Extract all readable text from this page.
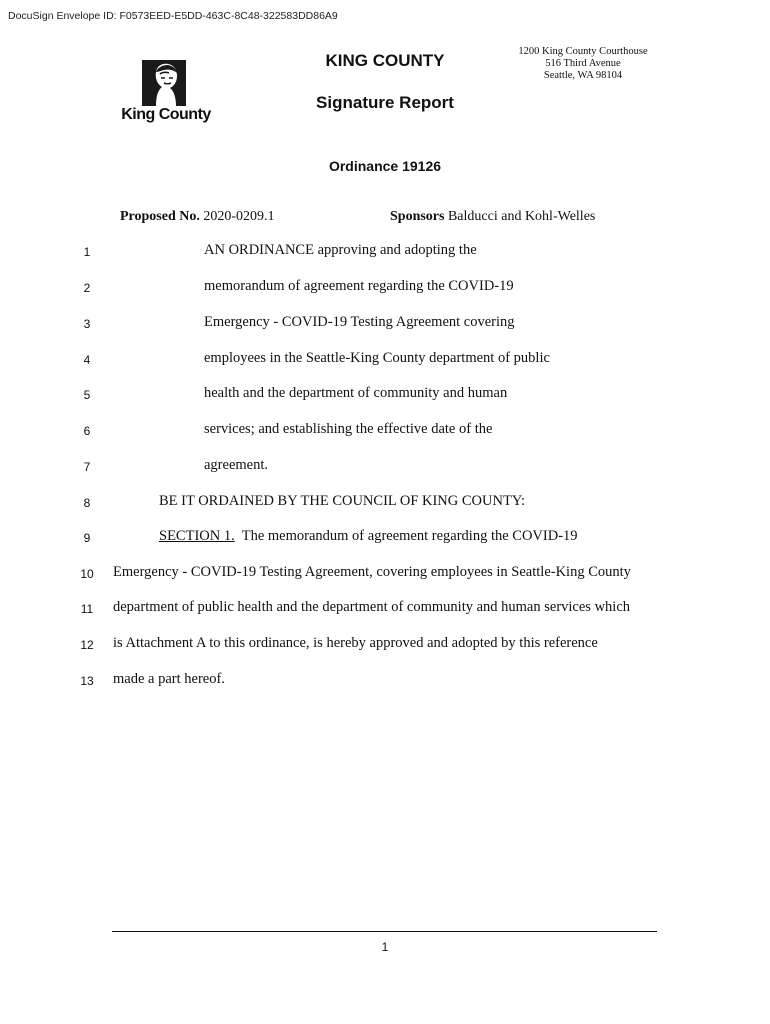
DocuSign Envelope ID: F0573EED-E5DD-463C-8C48-322583DD86A9
King County
KING COUNTY
Signature Report
1200 King County Courthouse
516 Third Avenue
Seattle, WA 98104
Ordinance 19126
Proposed No. 2020-0209.1	Sponsors Balducci and Kohl-Welles
1	AN ORDINANCE approving and adopting the
2	memorandum of agreement regarding the COVID-19
3	Emergency - COVID-19 Testing Agreement covering
4	employees in the Seattle-King County department of public
5	health and the department of community and human
6	services; and establishing the effective date of the
7	agreement.
8	BE IT ORDAINED BY THE COUNCIL OF KING COUNTY:
9	SECTION 1.  The memorandum of agreement regarding the COVID-19
10	Emergency - COVID-19 Testing Agreement, covering employees in Seattle-King County
11	department of public health and the department of community and human services which
12	is Attachment A to this ordinance, is hereby approved and adopted by this reference
13	made a part hereof.
1
